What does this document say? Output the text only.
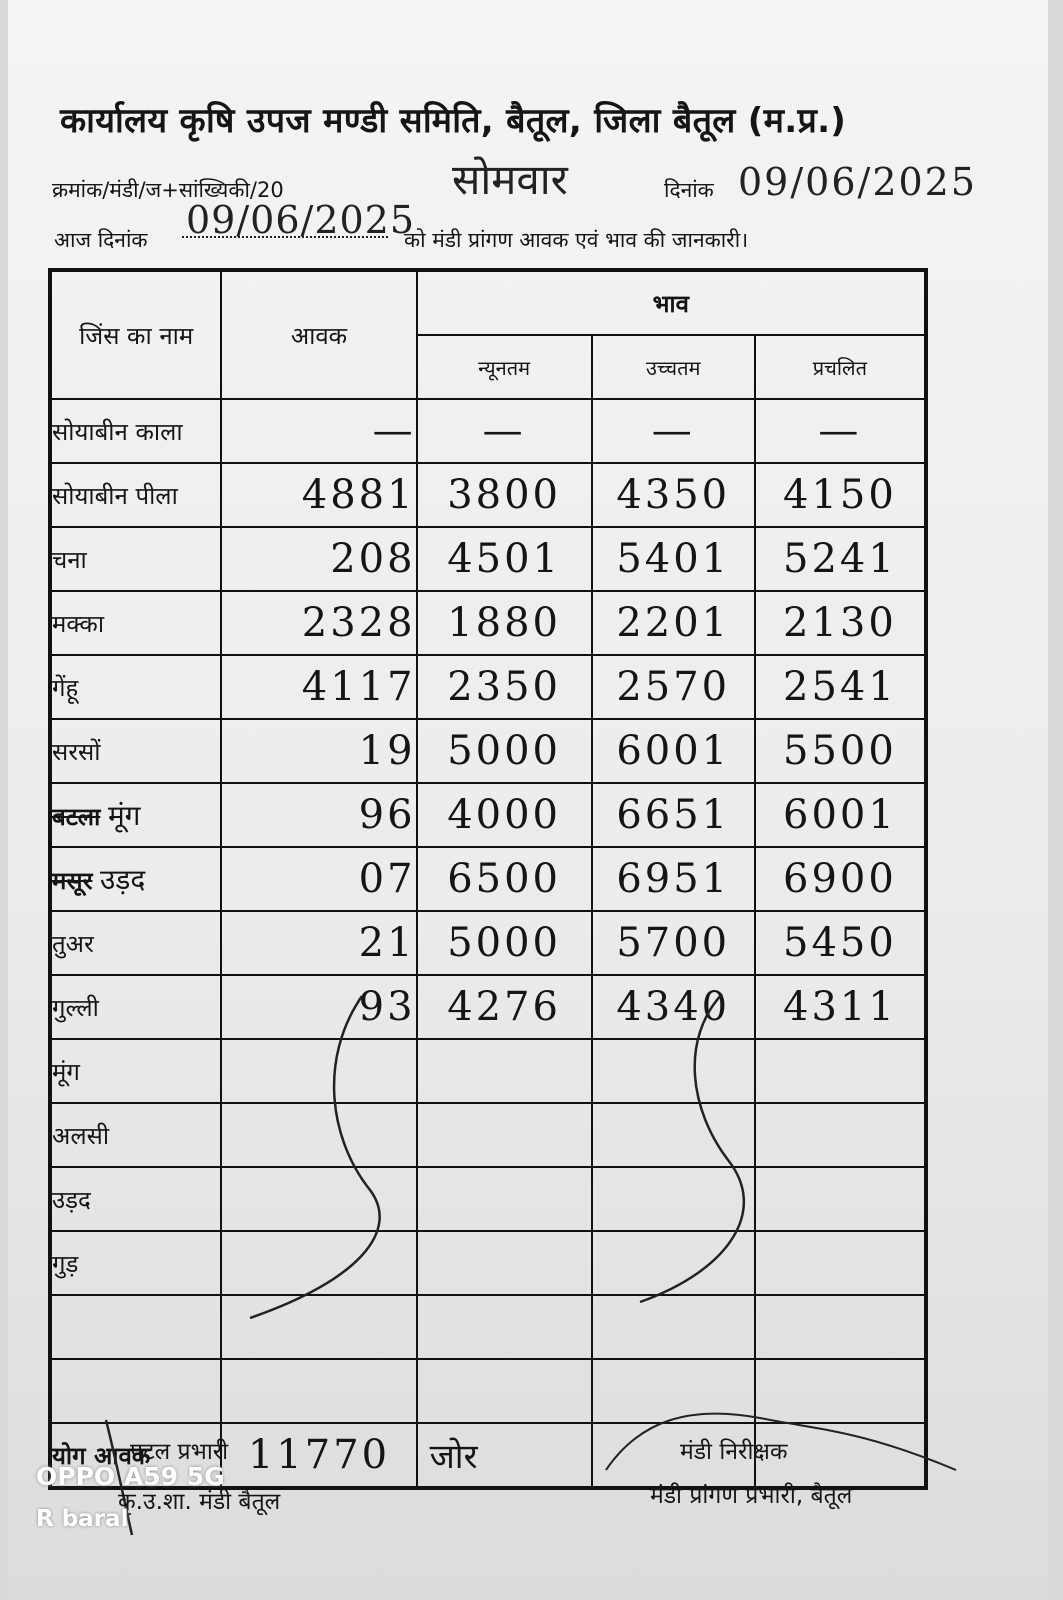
कार्यालय कृषि उपज मण्डी समिति, बैतूल, जिला बैतूल (म.प्र.)
क्रमांक/मंडी/ज+सांख्यिकी/20	सोमवार	दिनांक 09/06/2025
आज दिनांक 09/06/2025
को मंडी प्रांगण आवक एवं भाव की जानकारी।
जिंस का नाम	आवक	भाव		
		न्यूनतम	उच्चतम	प्रचलित
सोयाबीन काला	—	—	—	—
सोयाबीन पीला	4881	3800	4350	4150
चना	208	4501	5401	5241
मक्का	2328	1880	2201	2130
गेंहू	4117	2350	2570	2541
सरसों	19	5000	6001	5500
बटला मूंग	96	4000	6651	6001
मसूर उड़द	07	6500	6951	6900
तुअर	21	5000	5700	5450
गुल्ली	93	4276	4340	4311
मूंग				
अलसी				
उड़द				
गुड़				

योग आवक	11770	जोर		
पटल प्रभारी
कृ.उ.शा. मंडी बैतूल
मंडी निरीक्षक
मंडी प्रांगण प्रभारी, बैतूल
OPPO A59 5G
R baral
